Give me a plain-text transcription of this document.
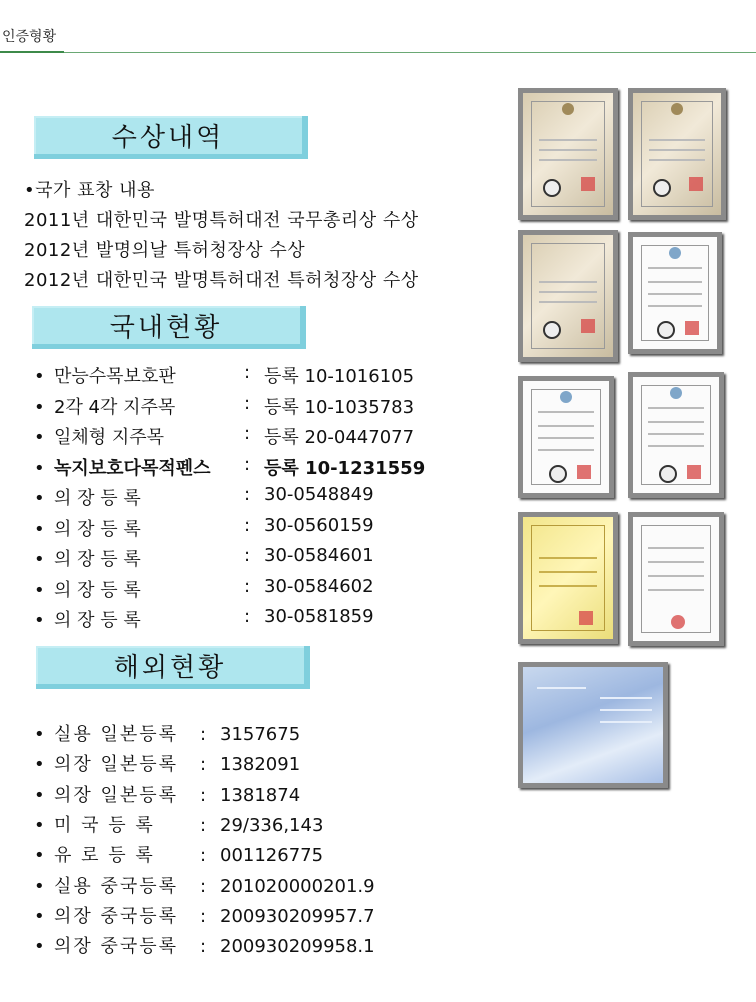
인증형황
수상내역
•국가 표창 내용
2011년 대한민국 발명특허대전 국무총리상 수상
2012년 발명의날 특허청장상 수상
2012년 대한민국 발명특허대전 특허청장상 수상
국내현황
• 만능수목보호판	: 등록 10-1016105
• 2각 4각 지주목	: 등록 10-1035783
• 일체형 지주목	: 등록 20-0447077
• 녹지보호다목적펜스 : 등록 10-1231559
• 의 장 등 록	: 30-0548849
• 의 장 등 록	: 30-0560159
• 의 장 등 록	: 30-0584601
• 의 장 등 록	: 30-0584602
• 의 장 등 록	: 30-0581859
해외현황
• 실용 일본등록 : 3157675
• 의장 일본등록 : 1382091
• 의장 일본등록 : 1381874
• 미 국 등 록	: 29/336,143
• 유 로 등 록	: 001126775
• 실용 중국등록 : 201020000201.9
• 의장 중국등록 : 200930209957.7
• 의장 중국등록 : 200930209958.1
